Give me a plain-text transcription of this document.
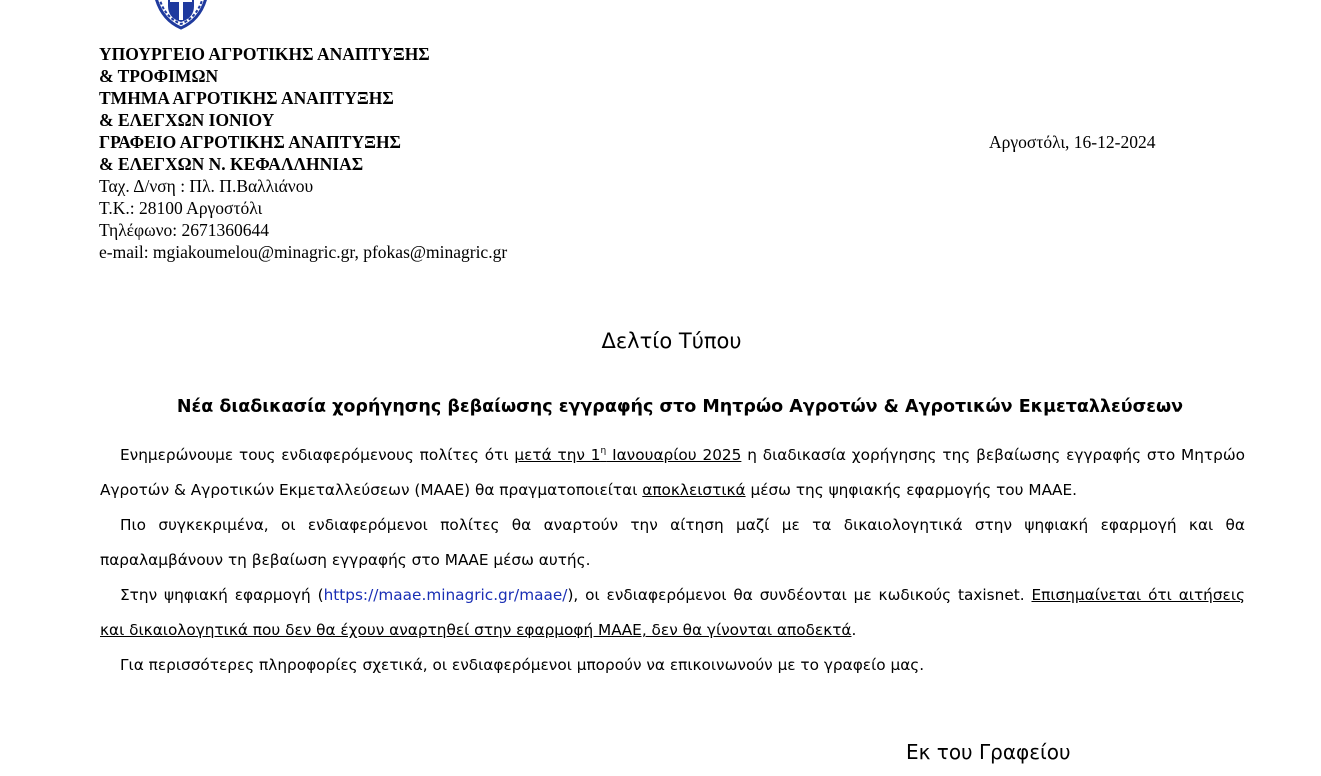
ΥΠΟΥΡΓΕΙΟ ΑΓΡΟΤΙΚΗΣ ΑΝΑΠΤΥΞΗΣ
& ΤΡΟΦΙΜΩΝ
ΤΜΗΜΑ ΑΓΡΟΤΙΚΗΣ ΑΝΑΠΤΥΞΗΣ
& ΕΛΕΓΧΩΝ ΙΟΝΙΟΥ
ΓΡΑΦΕΙΟ ΑΓΡΟΤΙΚΗΣ ΑΝΑΠΤΥΞΗΣ
& ΕΛΕΓΧΩΝ Ν. ΚΕΦΑΛΛΗΝΙΑΣ
Ταχ. Δ/νση : Πλ. Π.Βαλλιάνου
Τ.Κ.: 28100 Αργοστόλι
Τηλέφωνο: 2671360644
e-mail: mgiakoumelou@minagric.gr, pfokas@minagric.gr
Αργοστόλι, 16-12-2024
Δελτίο Τύπου
Νέα διαδικασία χορήγησης βεβαίωσης εγγραφής στο Μητρώο Αγροτών & Αγροτικών Εκμεταλλεύσεων

Ενημερώνουμε τους ενδιαφερόμενους πολίτες ότι μετά την $1^\eta$ Ιανουαρίου 2025 η διαδικασία χορήγησης της βεβαίωσης εγγραφής στο Μητρώο Αγροτών & Αγροτικών Εκμεταλλεύσεων (ΜΑΑΕ) θα πραγματοποιείται αποκλειστικά μέσω της ψηφιακής εφαρμογής του ΜΑΑΕ.

Πιο συγκεκριμένα, οι ενδιαφερόμενοι πολίτες θα αναρτούν την αίτηση μαζί με τα δικαιολογητικά στην ψηφιακή εφαρμογή και θα παραλαμβάνουν τη βεβαίωση εγγραφής στο ΜΑΑΕ μέσω αυτής.

Στην ψηφιακή εφαρμογή (https://maae.minagric.gr/maae/), οι ενδιαφερόμενοι θα συνδέονται με κωδικούς taxisnet. Επισημαίνεται ότι αιτήσεις και δικαιολογητικά που δεν θα έχουν αναρτηθεί στην εφαρμοφή ΜΑΑΕ, δεν θα γίνονται αποδεκτά.

Για περισσότερες πληροφορίες σχετικά, οι ενδιαφερόμενοι μπορούν να επικοινωνούν με το γραφείο μας.

Εκ του Γραφείου
